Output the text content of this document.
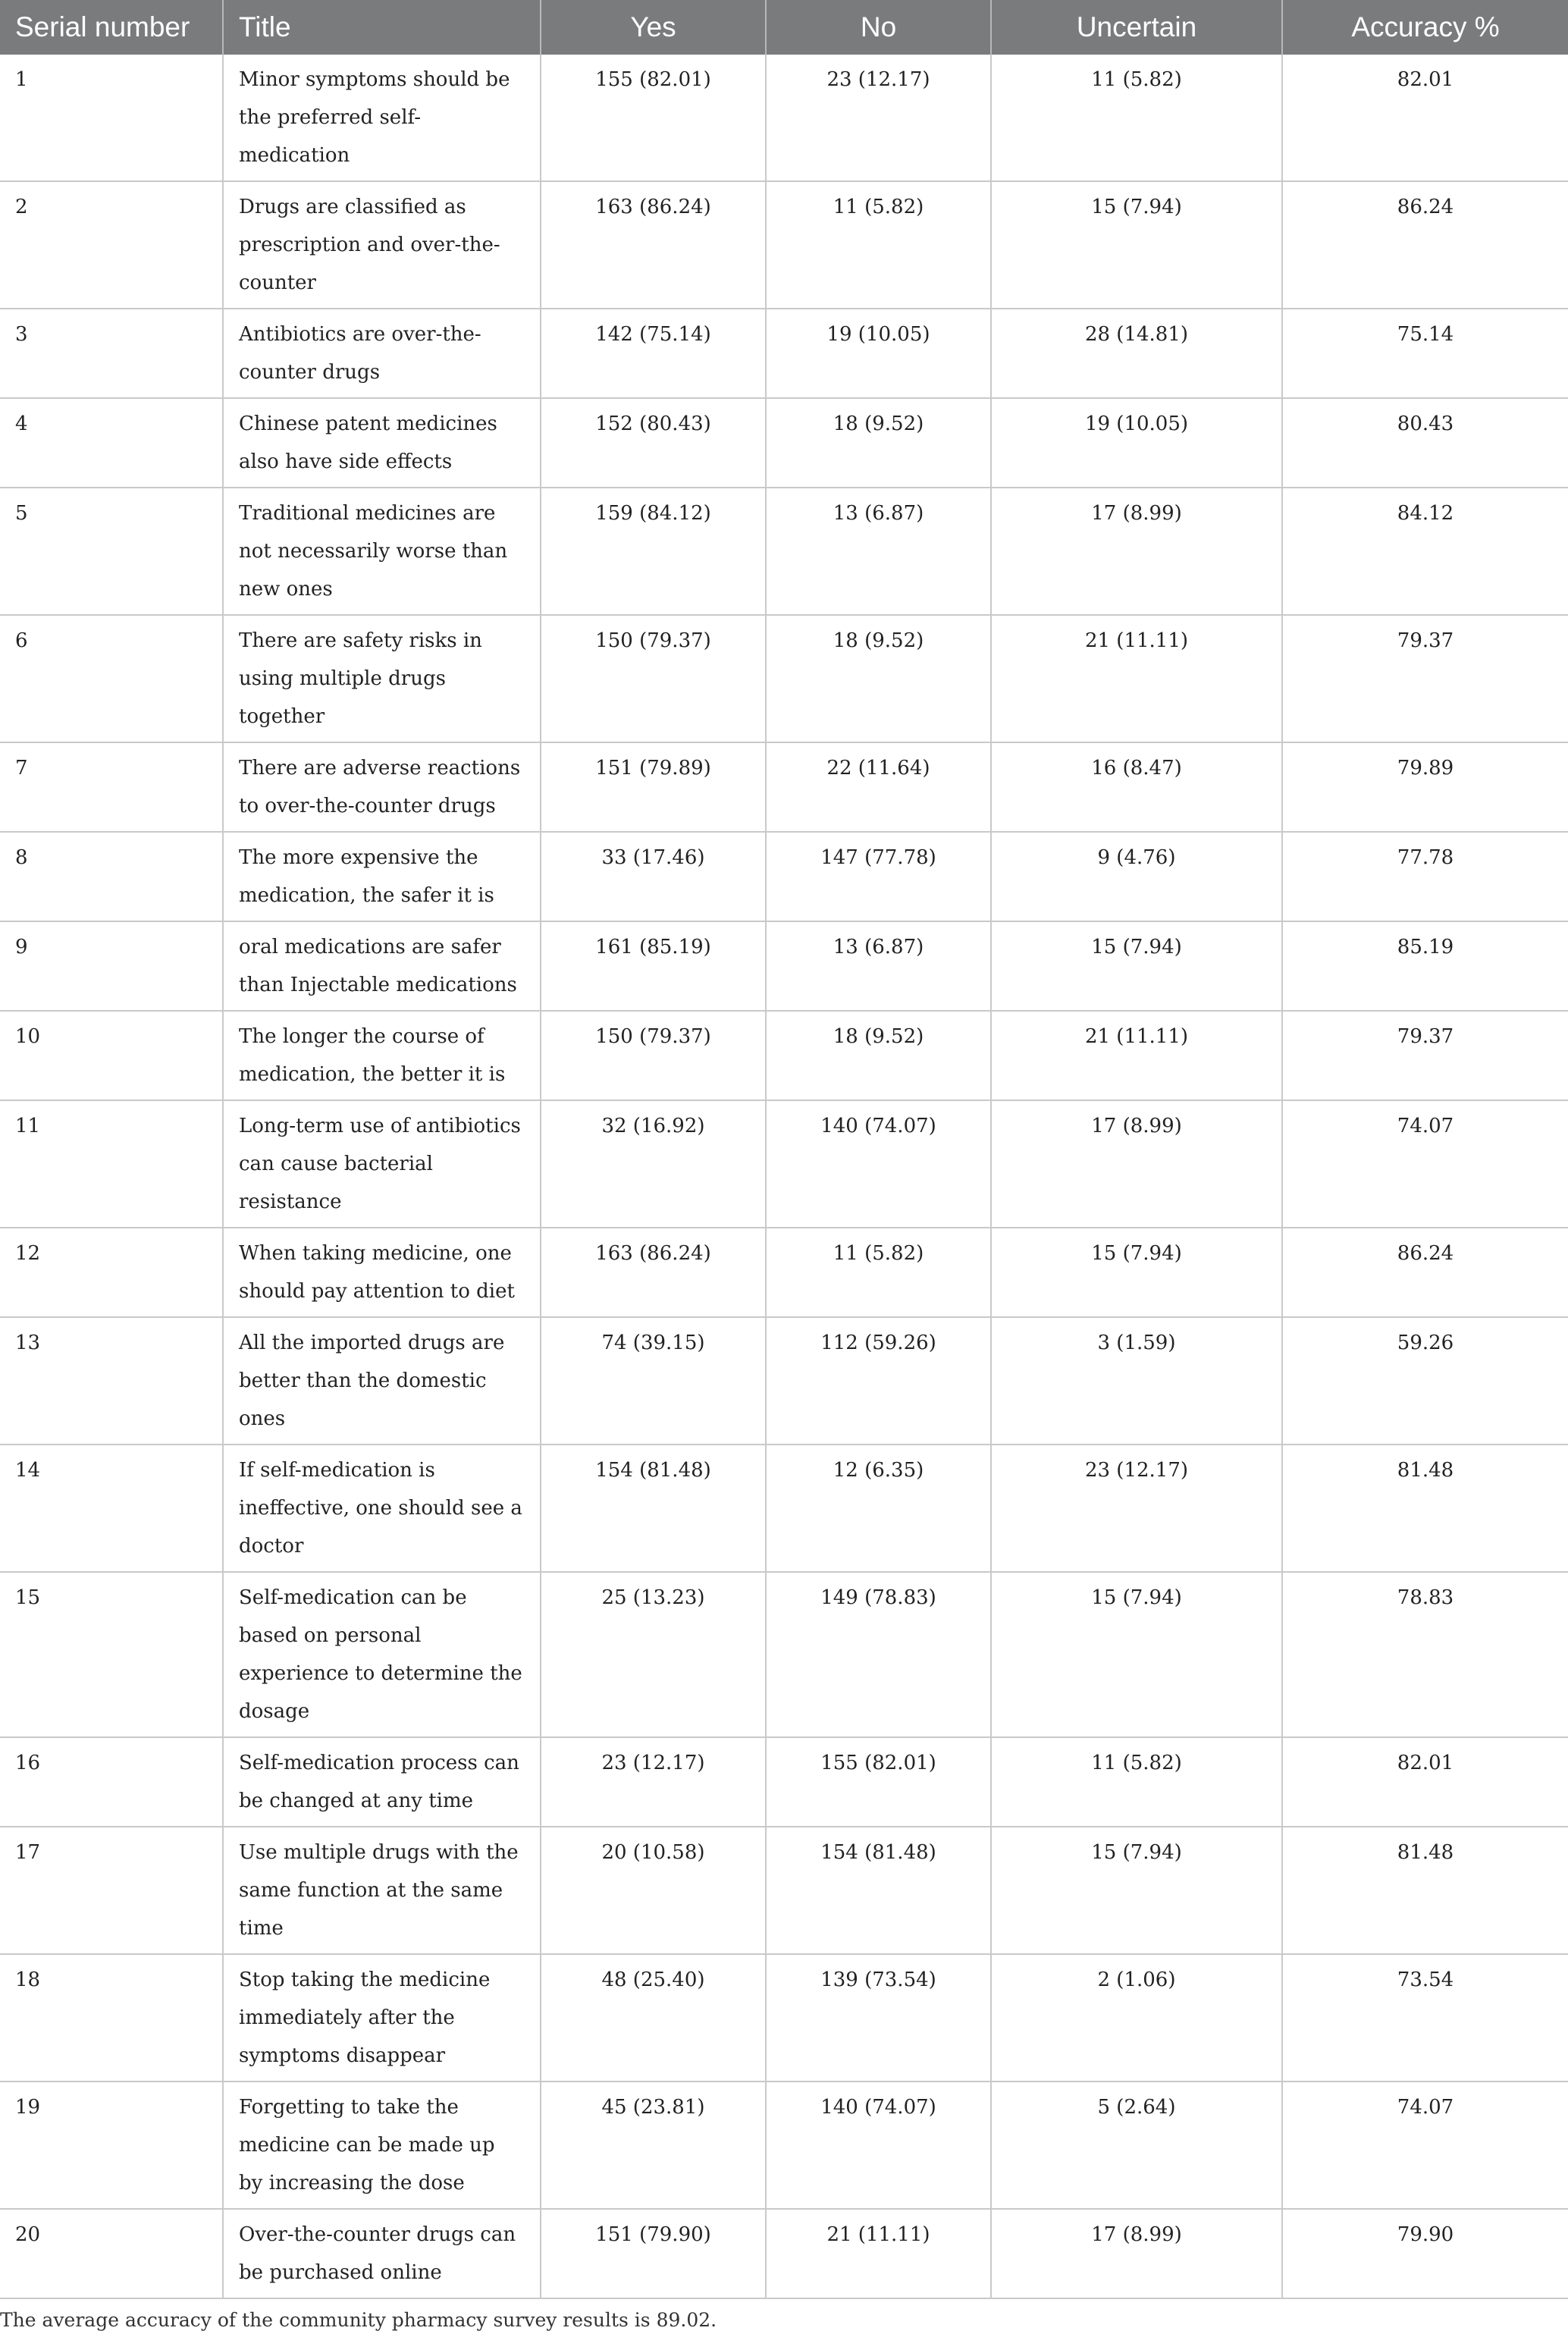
Serial number	Title	Yes	No	Uncertain	Accuracy %
1	Minor symptoms should be the preferred self-medication	155 (82.01)	23 (12.17)	11 (5.82)	82.01
2	Drugs are classified as prescription and over-the-counter	163 (86.24)	11 (5.82)	15 (7.94)	86.24
3	Antibiotics are over-the-counter drugs	142 (75.14)	19 (10.05)	28 (14.81)	75.14
4	Chinese patent medicines also have side effects	152 (80.43)	18 (9.52)	19 (10.05)	80.43
5	Traditional medicines are not necessarily worse than new ones	159 (84.12)	13 (6.87)	17 (8.99)	84.12
6	There are safety risks in using multiple drugs together	150 (79.37)	18 (9.52)	21 (11.11)	79.37
7	There are adverse reactions to over-the-counter drugs	151 (79.89)	22 (11.64)	16 (8.47)	79.89
8	The more expensive the medication, the safer it is	33 (17.46)	147 (77.78)	9 (4.76)	77.78
9	oral medications are safer than Injectable medications	161 (85.19)	13 (6.87)	15 (7.94)	85.19
10	The longer the course of medication, the better it is	150 (79.37)	18 (9.52)	21 (11.11)	79.37
11	Long-term use of antibiotics can cause bacterial resistance	32 (16.92)	140 (74.07)	17 (8.99)	74.07
12	When taking medicine, one should pay attention to diet	163 (86.24)	11 (5.82)	15 (7.94)	86.24
13	All the imported drugs are better than the domestic ones	74 (39.15)	112 (59.26)	3 (1.59)	59.26
14	If self-medication is ineffective, one should see a doctor	154 (81.48)	12 (6.35)	23 (12.17)	81.48
15	Self-medication can be based on personal experience to determine the dosage	25 (13.23)	149 (78.83)	15 (7.94)	78.83
16	Self-medication process can be changed at any time	23 (12.17)	155 (82.01)	11 (5.82)	82.01
17	Use multiple drugs with the same function at the same time	20 (10.58)	154 (81.48)	15 (7.94)	81.48
18	Stop taking the medicine immediately after the symptoms disappear	48 (25.40)	139 (73.54)	2 (1.06)	73.54
19	Forgetting to take the medicine can be made up by increasing the dose	45 (23.81)	140 (74.07)	5 (2.64)	74.07
20	Over-the-counter drugs can be purchased online	151 (79.90)	21 (11.11)	17 (8.99)	79.90
The average accuracy of the community pharmacy survey results is 89.02.
